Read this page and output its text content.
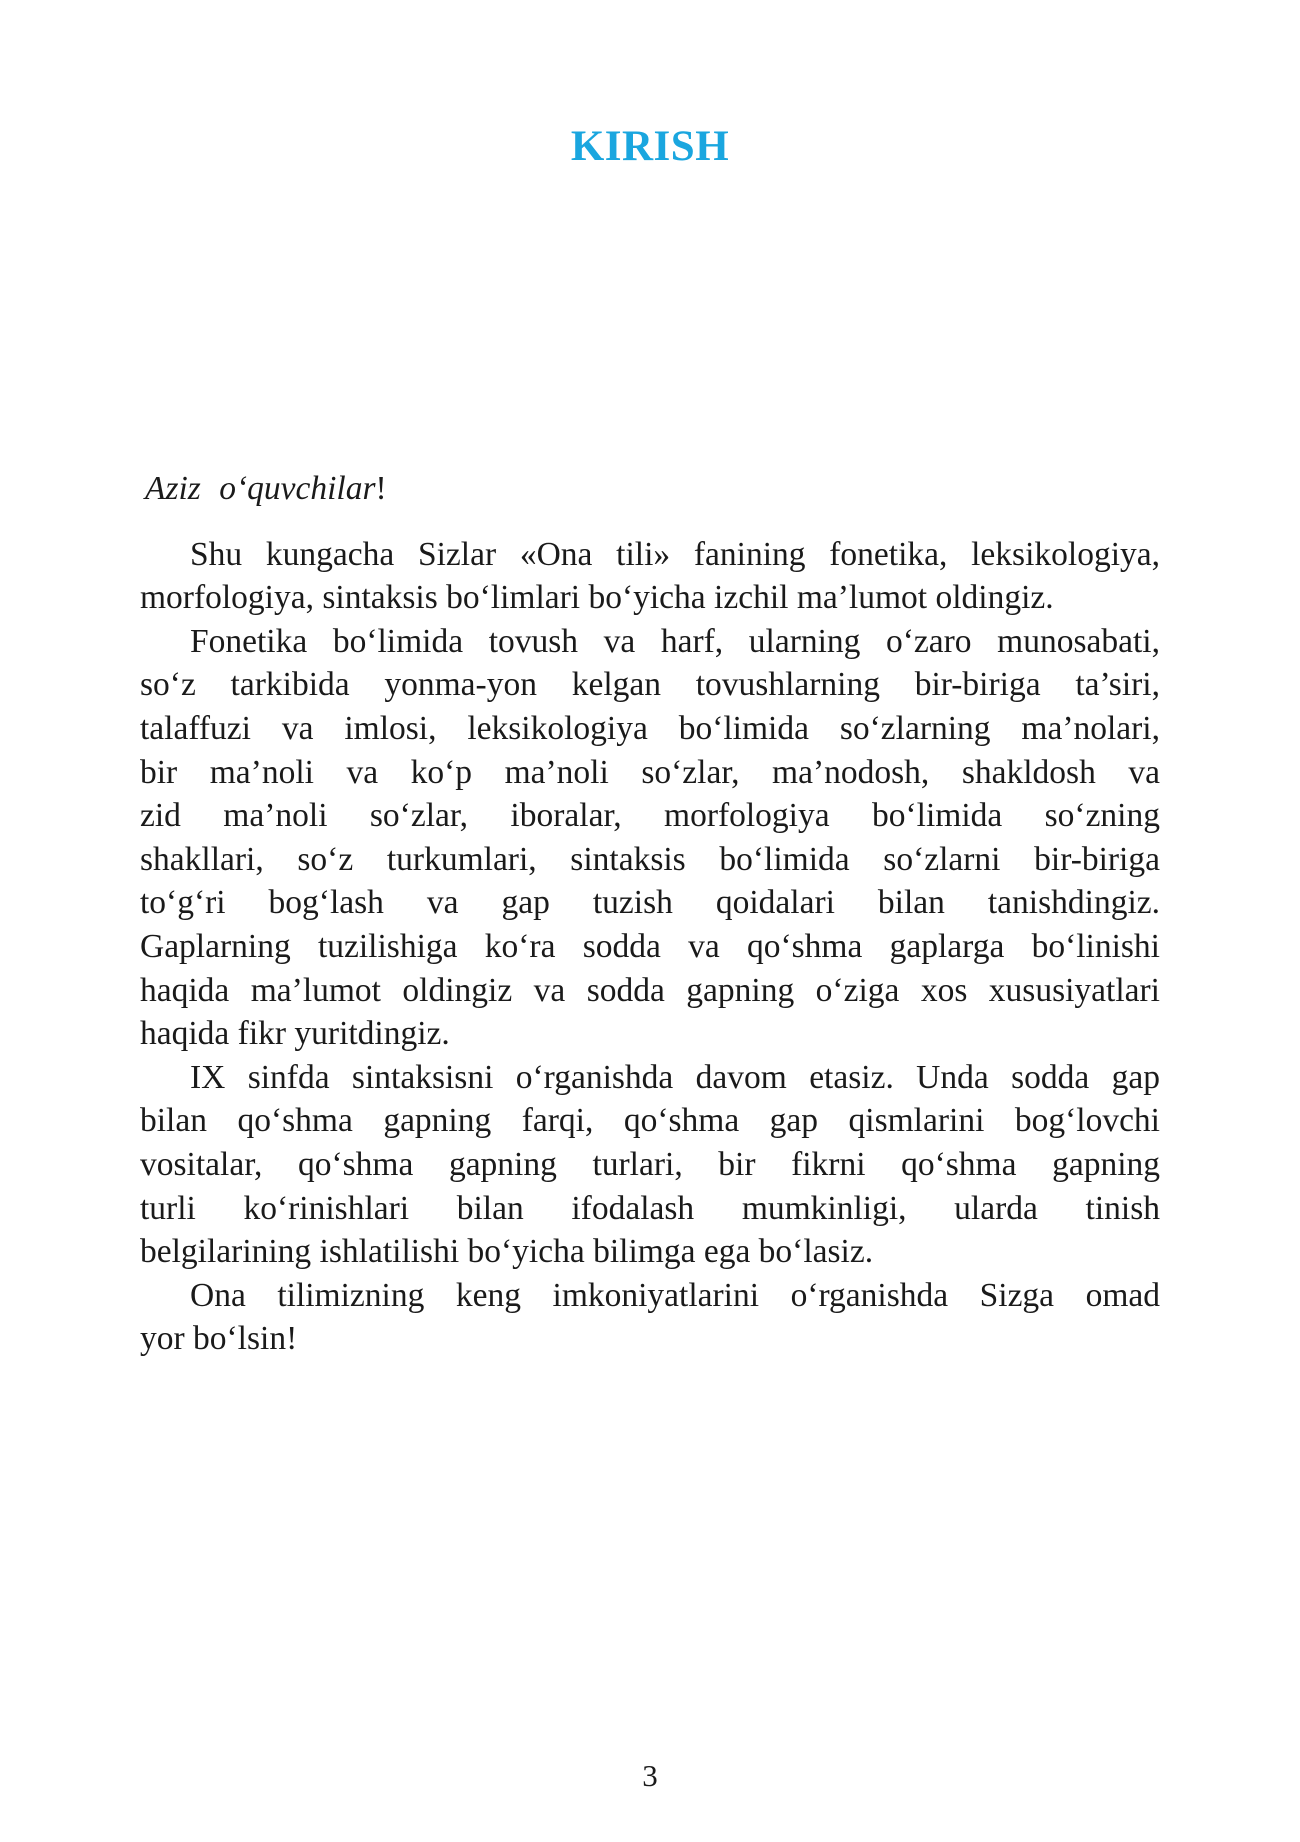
KIRISH
Aziz o‘quvchilar!
Shu kungacha Sizlar «Ona tili» fanining fonetika, leksikologiya,
morfologiya, sintaksis bo‘limlari bo‘yicha izchil ma’lumot oldingiz.
Fonetika bo‘limida tovush va harf, ularning o‘zaro munosabati,
so‘z tarkibida yonma-yon kelgan tovushlarning bir-biriga ta’siri,
talaffuzi va imlosi, leksikologiya bo‘limida so‘zlarning ma’nolari,
bir ma’noli va ko‘p ma’noli so‘zlar, ma’nodosh, shakldosh va
zid ma’noli so‘zlar, iboralar, morfologiya bo‘limida so‘zning
shakllari, so‘z turkumlari, sintaksis bo‘limida so‘zlarni bir-biriga
to‘g‘ri bog‘lash va gap tuzish qoidalari bilan tanishdingiz.
Gaplarning tuzilishiga ko‘ra sodda va qo‘shma gaplarga bo‘linishi
haqida ma’lumot oldingiz va sodda gapning o‘ziga xos xususiyatlari
haqida fikr yuritdingiz.
IX sinfda sintaksisni o‘rganishda davom etasiz. Unda sodda gap
bilan qo‘shma gapning farqi, qo‘shma gap qismlarini bog‘lovchi
vositalar, qo‘shma gapning turlari, bir fikrni qo‘shma gapning
turli ko‘rinishlari bilan ifodalash mumkinligi, ularda tinish
belgilarining ishlatilishi bo‘yicha bilimga ega bo‘lasiz.
Ona tilimizning keng imkoniyatlarini o‘rganishda Sizga omad
yor bo‘lsin!
3
